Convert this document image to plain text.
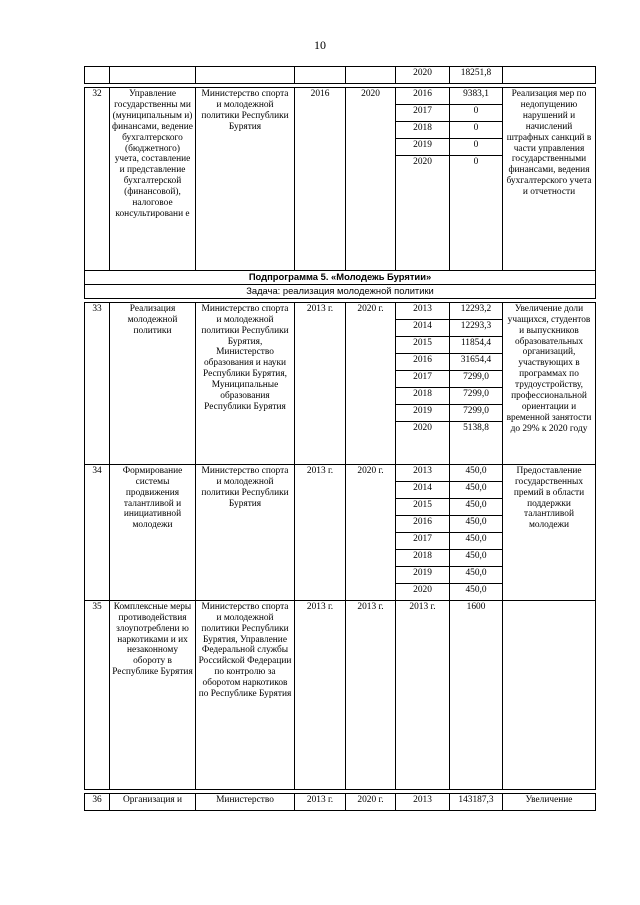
10
					2020	18251,8	

32	Управление государственны ми (муниципальным и) финансами, ведение бухгалтерского (бюджетного) учета, составление и представление бухгалтерской (финансовой), налоговое консультировани е	Министерство спорта и молодежной политики Республики Бурятия	2016	2020	2016	9383,1	Реализация мер по недопущению нарушений и начислений штрафных санкций в части управления государственными финансами, ведения бухгалтерского учета и отчетности
					2017	0	
					2018	0	
					2019	0	
					2020	0	
Подпрограмма 5. «Молодежь Бурятии»							
Задача: реализация молодежной политики							

33	Реализация молодежной политики	Министерство спорта и молодежной политики Республики Бурятия, Министерство образования и науки Республики Бурятия, Муниципальные образования Республики Бурятия	2013 г.	2020 г.	2013	12293,2	Увеличение доли учащихся, студентов и выпускников образовательных организаций, участвующих в программах по трудоустройству, профессиональной ориентации и временной занятости до 29% к 2020 году
					2014	12293,3	
					2015	11854,4	
					2016	31654,4	
					2017	7299,0	
					2018	7299,0	
					2019	7299,0	
					2020	5138,8	
34	Формирование системы продвижения талантливой и инициативной молодежи	Министерство спорта и молодежной политики Республики Бурятия	2013 г.	2020 г.	2013	450,0	Предоставление государственных премий в области поддержки талантливой молодежи
					2014	450,0	
					2015	450,0	
					2016	450,0	
					2017	450,0	
					2018	450,0	
					2019	450,0	
					2020	450,0	
35	Комплексные меры противодействия злоупотреблени ю наркотиками и их незаконному обороту в Республике Бурятия	Министерство спорта и молодежной политики Республики Бурятия, Управление Федеральной службы Российской Федерации по контролю за оборотом наркотиков по Республике Бурятия	2013 г.	2013 г.	2013 г.	1600	

36	Организация и	Министерство	2013 г.	2020 г.	2013	143187,3	Увеличение
